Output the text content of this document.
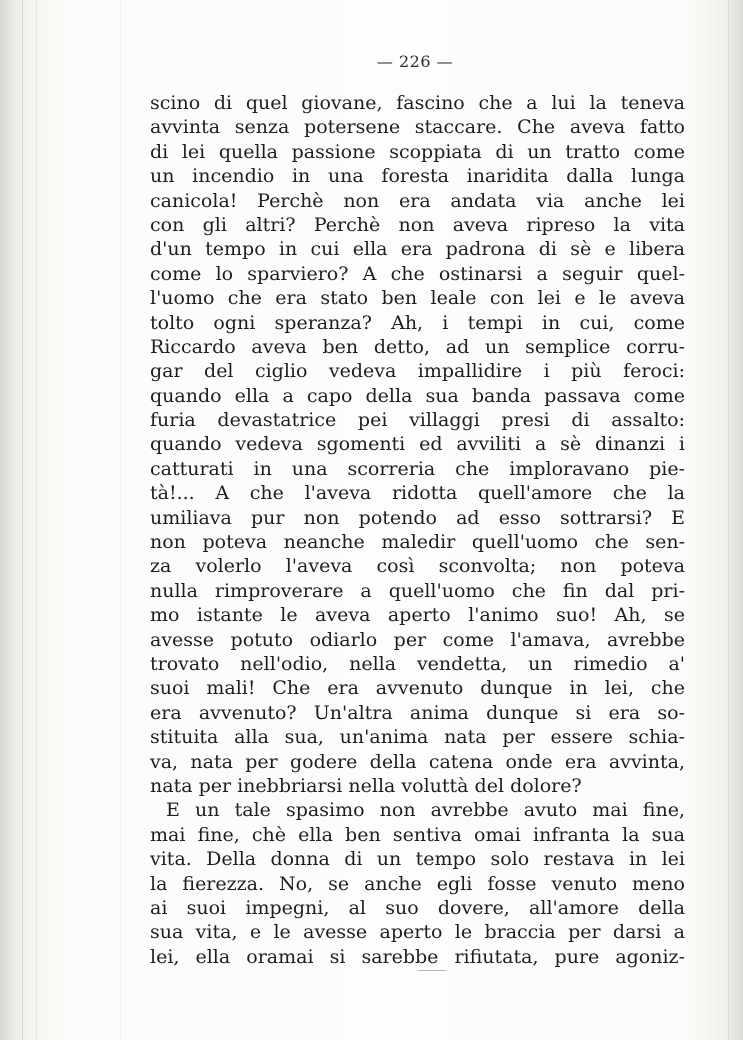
— 226 —
scino di quel giovane, fascino che a lui la teneva
avvinta senza potersene staccare. Che aveva fatto
di lei quella passione scoppiata di un tratto come
un incendio in una foresta inaridita dalla lunga
canicola! Perchè non era andata via anche lei
con gli altri? Perchè non aveva ripreso la vita
d'un tempo in cui ella era padrona di sè e libera
come lo sparviero? A che ostinarsi a seguir quel-
l'uomo che era stato ben leale con lei e le aveva
tolto ogni speranza? Ah, i tempi in cui, come
Riccardo aveva ben detto, ad un semplice corru-
gar del ciglio vedeva impallidire i più feroci:
quando ella a capo della sua banda passava come
furia devastatrice pei villaggi presi di assalto:
quando vedeva sgomenti ed avviliti a sè dinanzi i
catturati in una scorreria che imploravano pie-
tà!... A che l'aveva ridotta quell'amore che la
umiliava pur non potendo ad esso sottrarsi? E
non poteva neanche maledir quell'uomo che sen-
za volerlo l'aveva così sconvolta; non poteva
nulla rimproverare a quell'uomo che fin dal pri-
mo istante le aveva aperto l'animo suo! Ah, se
avesse potuto odiarlo per come l'amava, avrebbe
trovato nell'odio, nella vendetta, un rimedio a'
suoi mali! Che era avvenuto dunque in lei, che
era avvenuto? Un'altra anima dunque si era so-
stituita alla sua, un'anima nata per essere schia-
va, nata per godere della catena onde era avvinta,
nata per inebbriarsi nella voluttà del dolore?
E un tale spasimo non avrebbe avuto mai fine,
mai fine, chè ella ben sentiva omai infranta la sua
vita. Della donna di un tempo solo restava in lei
la fierezza. No, se anche egli fosse venuto meno
ai suoi impegni, al suo dovere, all'amore della
sua vita, e le avesse aperto le braccia per darsi a
lei, ella oramai si sarebbe rifiutata, pure agoniz-
